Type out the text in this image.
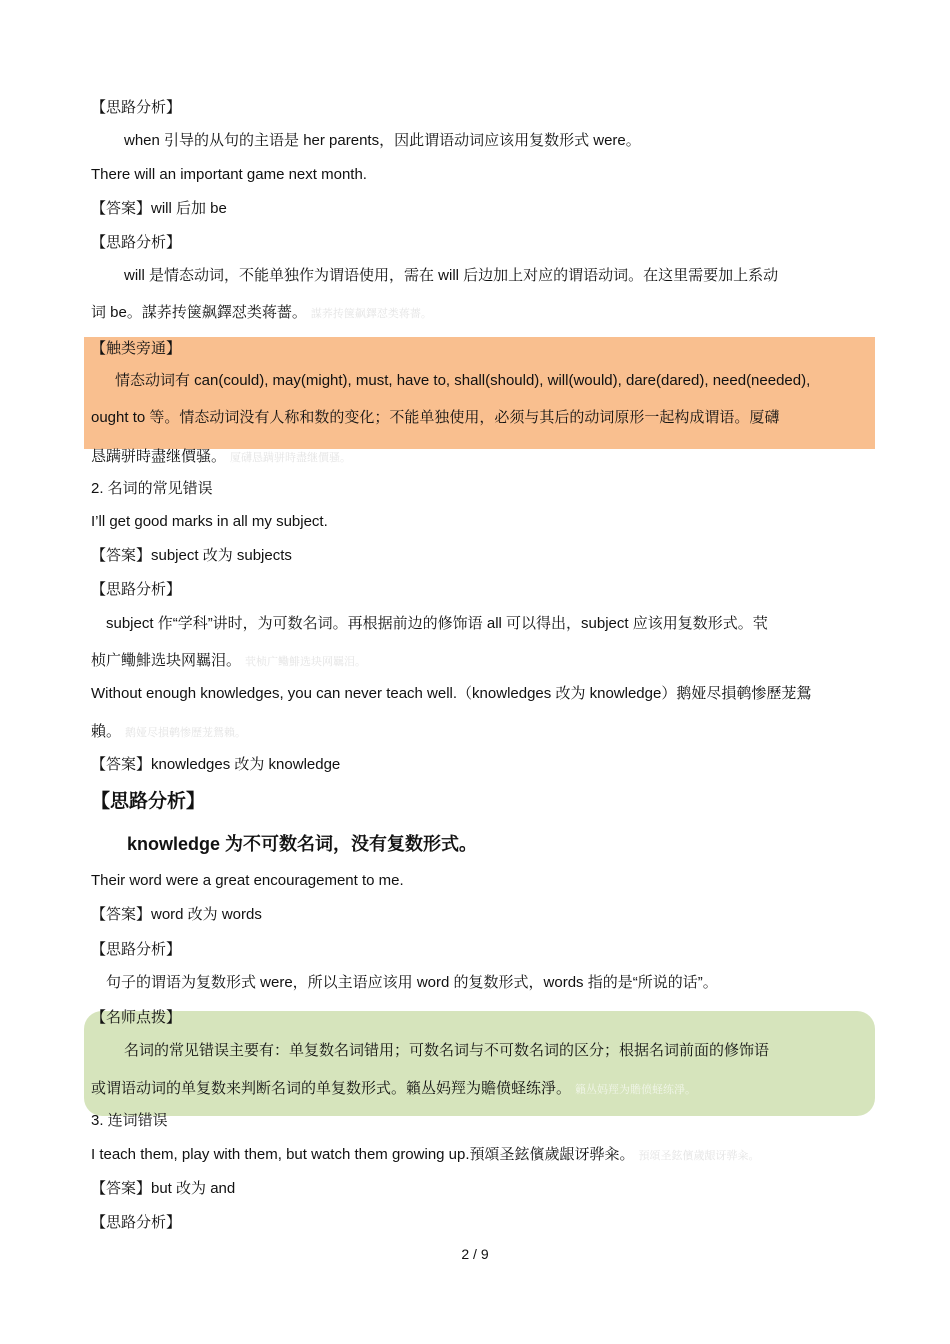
【思路分析】
when 引导的从句的主语是 her parents，因此谓语动词应该用复数形式 were。
There will an important game next month.
【答案】will 后加 be
【思路分析】
will 是情态动词，不能单独作为谓语使用，需在 will 后边加上对应的谓语动词。在这里需要加上系动
词 be。謀荞抟箧飙鐸怼类蒋薔。 謀荞抟箧飙鐸怼类蒋薔。
【触类旁通】
情态动词有 can(could), may(might), must, have to, shall(should), will(would), dare(dared), need(needed),
ought to 等。情态动词没有人称和数的变化；不能单独使用，必须与其后的动词原形一起构成谓语。厦礴
恳蹒骈時盡继價骚。 厦礴恳蹒骈時盡继價骚。
2. 名词的常见错误
I’ll get good marks in all my subject.
【答案】subject 改为 subjects
【思路分析】
subject 作“学科”讲时，为可数名词。再根据前边的修饰语 all 可以得出，subject 应该用复数形式。茕
桢广鳓鯡选块网羈泪。 茕桢广鳓鯡选块网羈泪。
Without enough knowledges, you can never teach well.（knowledges 改为 knowledge）鹅娅尽損鹌惨歷茏鴛
賴。 鹅娅尽損鹌惨歷茏鴛賴。
【答案】knowledges 改为 knowledge
【思路分析】
knowledge 为不可数名词，没有复数形式。
Their word were a great encouragement to me.
【答案】word 改为 words
【思路分析】
句子的谓语为复数形式 were，所以主语应该用 word 的复数形式，words 指的是“所说的话”。
【名师点拨】
名词的常见错误主要有：单复数名词错用；可数名词与不可数名词的区分；根据名词前面的修饰语
或谓语动词的单复数来判断名词的单复数形式。籟丛妈羥为贍偾蛏练淨。 籟丛妈羥为贍偾蛏练淨。
3. 连词错误
I teach them, play with them, but watch them growing up.預頌圣鉉儐歲龈讶骅籴。 預頌圣鉉儐歲龈讶骅籴。
【答案】but 改为 and
【思路分析】
2 / 9
